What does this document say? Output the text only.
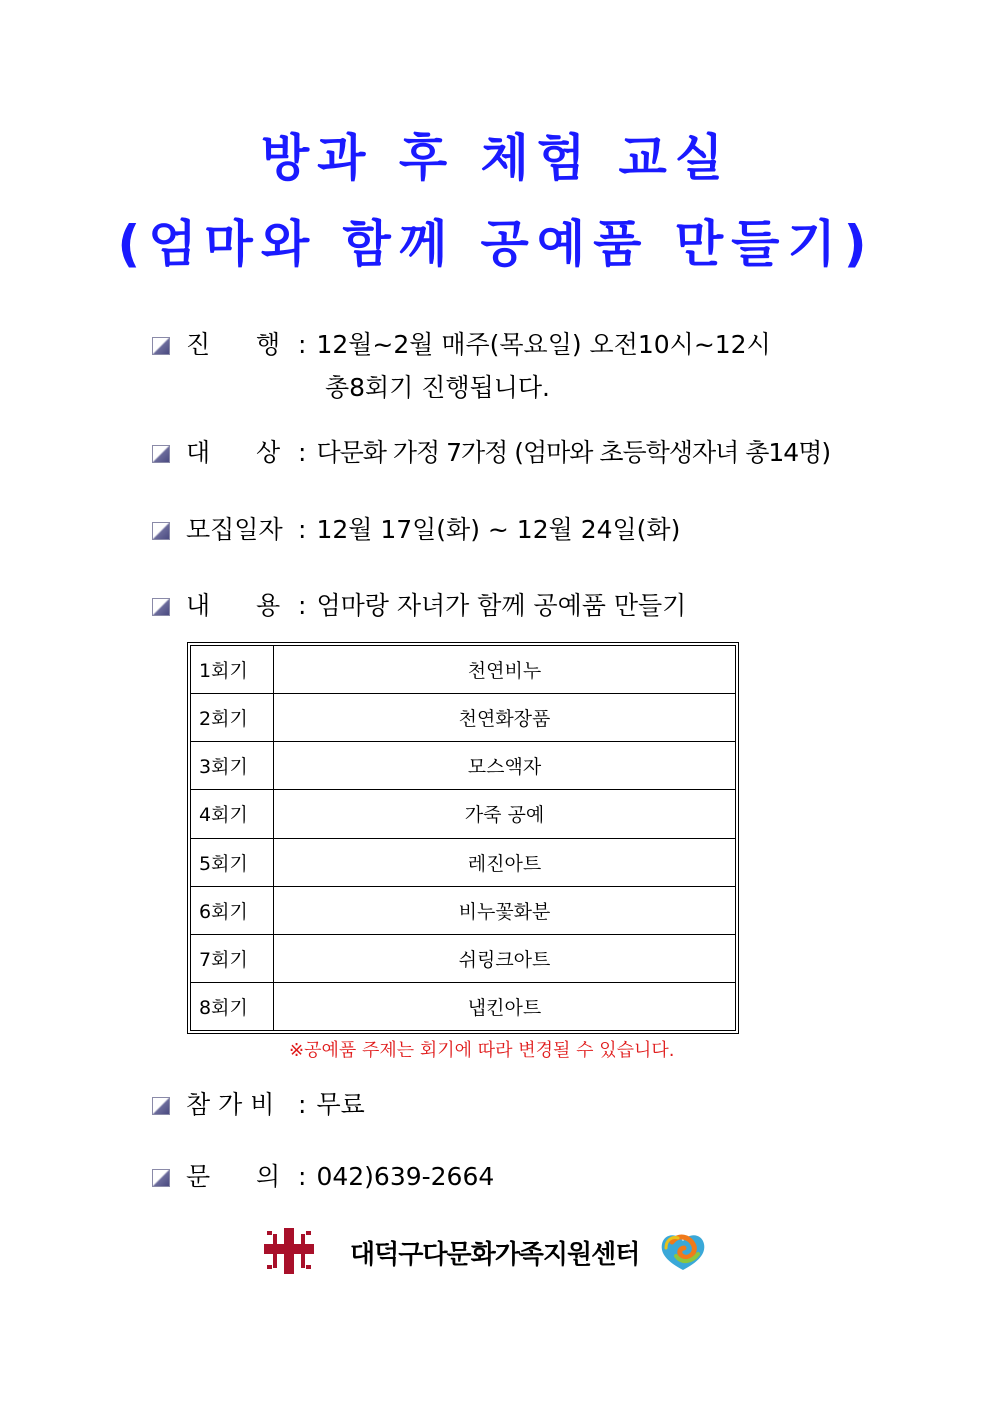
방과 후 체험 교실
(엄마와 함께 공예품 만들기)
진 행 : 12월~2월 매주(목요일) 오전10시~12시
총8회기 진행됩니다.
대 상 : 다문화 가정 7가정 (엄마와 초등학생자녀 총14명)
모집일자 : 12월 17일(화) ~ 12월 24일(화)
내 용 : 엄마랑 자녀가 함께 공예품 만들기
1회기	천연비누
2회기	천연화장품
3회기	모스액자
4회기	가죽 공예
5회기	레진아트
6회기	비누꽃화분
7회기	쉬링크아트
8회기	냅킨아트
※공예품 주제는 회기에 따라 변경될 수 있습니다.
참 가 비 : 무료
문 의 : 042)639-2664
대덕구다문화가족지원센터
